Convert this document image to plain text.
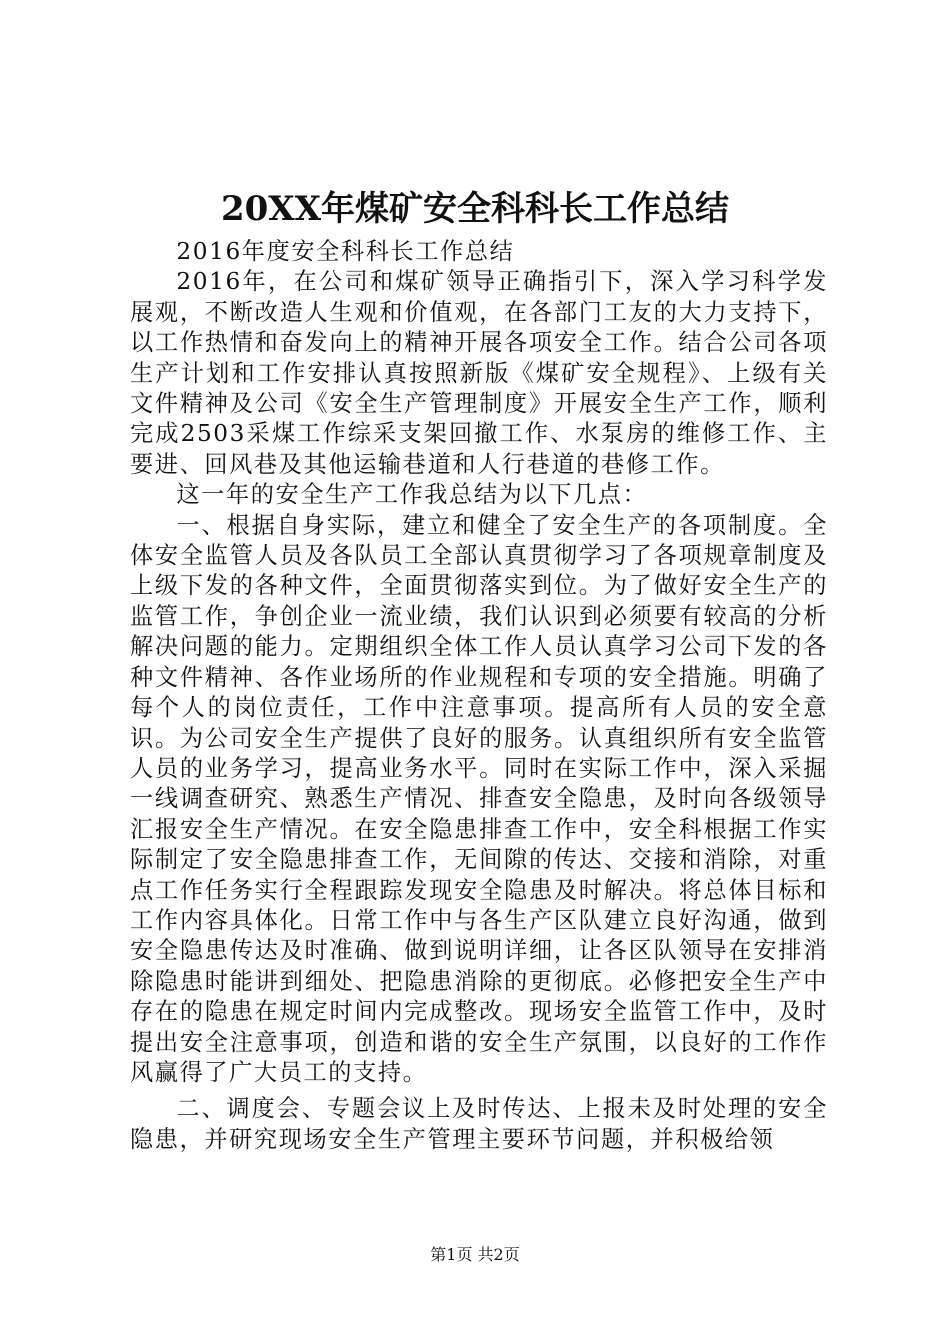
20XX年煤矿安全科科长工作总结

2016年度安全科科长工作总结

2016年，在公司和煤矿领导正确指引下，深入学习科学发展观，不断改造人生观和价值观，在各部门工友的大力支持下，以工作热情和奋发向上的精神开展各项安全工作。结合公司各项生产计划和工作安排认真按照新版《煤矿安全规程》、上级有关文件精神及公司《安全生产管理制度》开展安全生产工作，顺利完成2503采煤工作综采支架回撤工作、水泵房的维修工作、主要进、回风巷及其他运输巷道和人行巷道的巷修工作。

这一年的安全生产工作我总结为以下几点：

一、根据自身实际，建立和健全了安全生产的各项制度。全体安全监管人员及各队员工全部认真贯彻学习了各项规章制度及上级下发的各种文件，全面贯彻落实到位。为了做好安全生产的监管工作，争创企业一流业绩，我们认识到必须要有较高的分析解决问题的能力。定期组织全体工作人员认真学习公司下发的各种文件精神、各作业场所的作业规程和专项的安全措施。明确了每个人的岗位责任，工作中注意事项。提高所有人员的安全意识。为公司安全生产提供了良好的服务。认真组织所有安全监管人员的业务学习，提高业务水平。同时在实际工作中，深入采掘一线调查研究、熟悉生产情况、排查安全隐患，及时向各级领导汇报安全生产情况。在安全隐患排查工作中，安全科根据工作实际制定了安全隐患排查工作，无间隙的传达、交接和消除，对重点工作任务实行全程跟踪发现安全隐患及时解决。将总体目标和工作内容具体化。日常工作中与各生产区队建立良好沟通，做到安全隐患传达及时准确、做到说明详细，让各区队领导在安排消除隐患时能讲到细处、把隐患消除的更彻底。必修把安全生产中存在的隐患在规定时间内完成整改。现场安全监管工作中，及时提出安全注意事项，创造和谐的安全生产氛围，以良好的工作作风赢得了广大员工的支持。

二、调度会、专题会议上及时传达、上报未及时处理的安全隐患，并研究现场安全生产管理主要环节问题，并积极给领

第1页 共2页
